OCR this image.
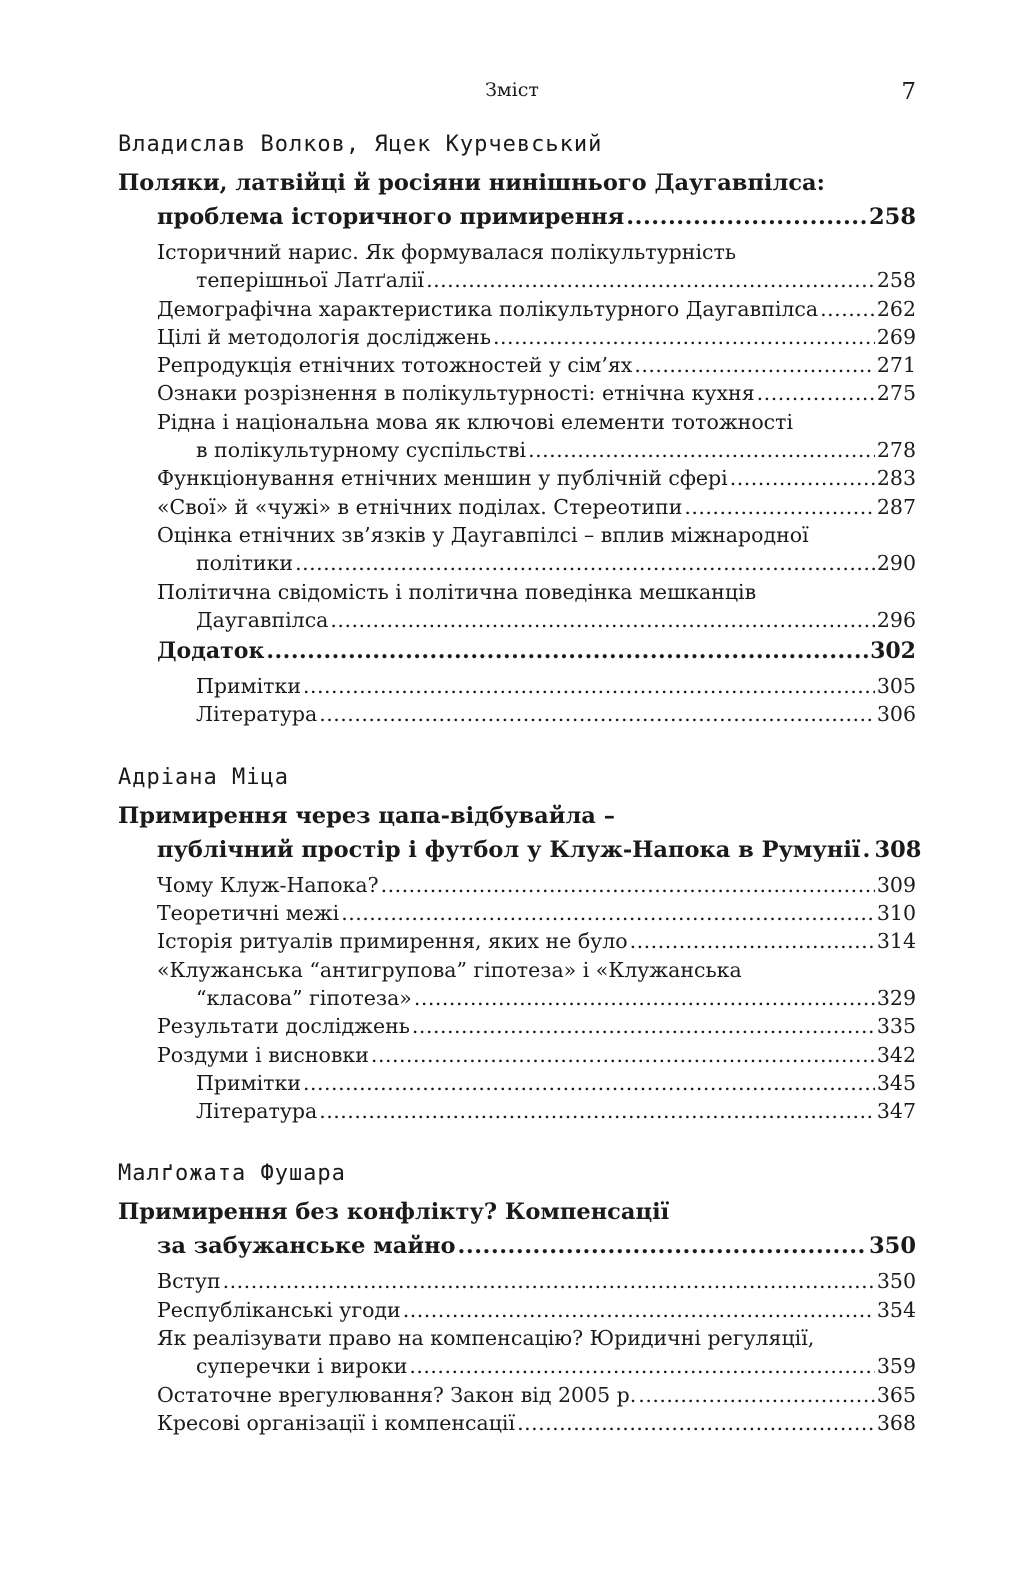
Зміст	7
Владислав Волков, Яцек Курчевський
Поляки, латвійці й росіяни нинішнього Даугавпілса:
проблема історичного примирення .....	258
Історичний нарис. Як формувалася полікультурність
теперішньої Латґалії .....	258
Демографічна характеристика полікультурного Даугавпілса .....	262
Цілі й методологія досліджень .....	269
Репродукція етнічних тотожностей у сім’ях .....	271
Ознаки розрізнення в полікультурності: етнічна кухня .....	275
Рідна і національна мова як ключові елементи тотожності
в полікультурному суспільстві .....	278
Функціонування етнічних меншин у публічній сфері .....	283
«Свої» й «чужі» в етнічних поділах. Стереотипи .....	287
Оцінка етнічних зв’язків у Даугавпілсі – вплив міжнародної
політики .....	290
Політична свідомість і політична поведінка мешканців
Даугавпілса .....	296
Додаток .....	302
Примітки .....	305
Література .....	306
Адріана Міца
Примирення через цапа-відбувайла –
публічний простір і футбол у Клуж-Напока в Румунії ..... 308
Чому Клуж-Напока? .....	309
Теоретичні межі .....	310
Історія ритуалів примирення, яких не було .....	314
«Клужанська “антигрупова” гіпотеза» і «Клужанська
“класова” гіпотеза» .....	329
Результати досліджень .....	335
Роздуми і висновки .....	342
Примітки .....	345
Література .....	347
Малґожата Фушара
Примирення без конфлікту? Компенсації
за забужанське майно .....	350
Вступ .....	350
Республіканські угоди .....	354
Як реалізувати право на компенсацію? Юридичні регуляції,
суперечки і вироки .....	359
Остаточне врегулювання? Закон від 2005 р. .....	365
Кресові організації і компенсації .....	368
